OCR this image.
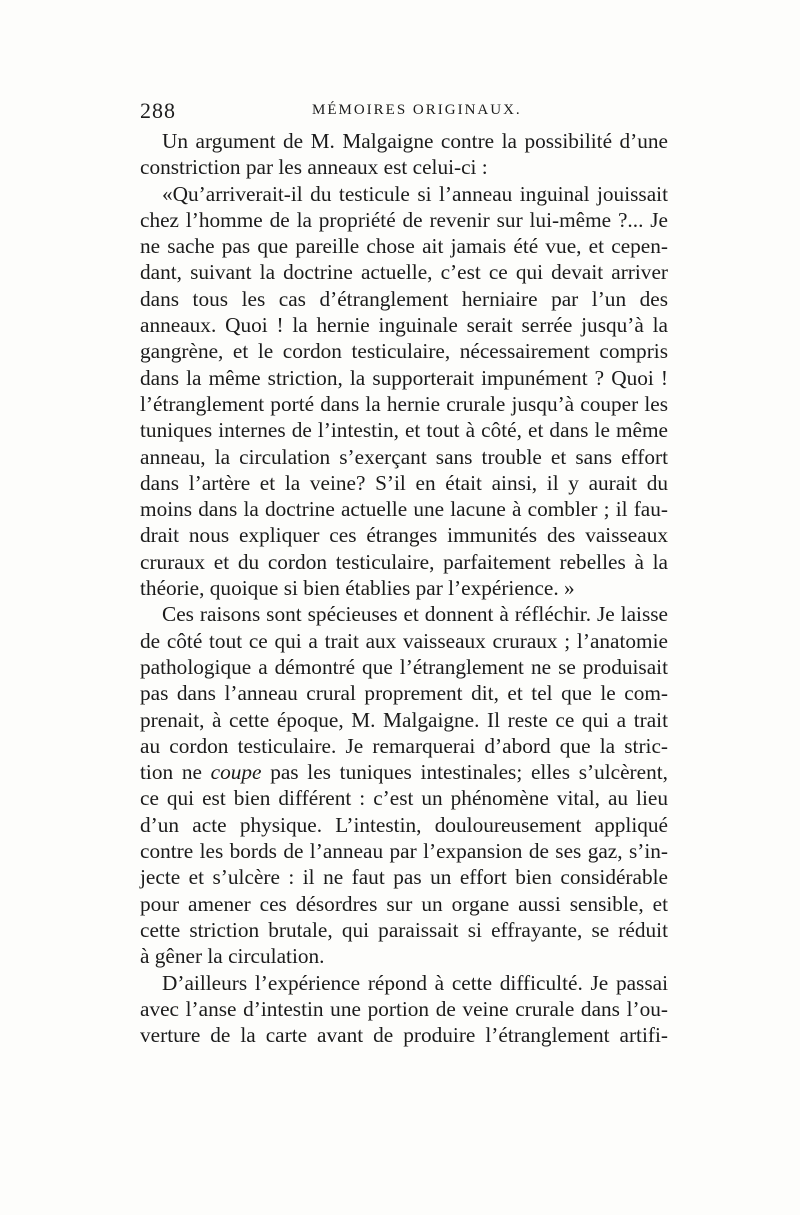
288	MÉMOIRES ORIGINAUX.
Un argument de M. Malgaigne contre la possibilité d’une
constriction par les anneaux est celui-ci :
«Qu’arriverait-il du testicule si l’anneau inguinal jouissait
chez l’homme de la propriété de revenir sur lui-même ?... Je
ne sache pas que pareille chose ait jamais été vue, et cepen-
dant, suivant la doctrine actuelle, c’est ce qui devait arriver
dans tous les cas d’étranglement herniaire par l’un des
anneaux. Quoi ! la hernie inguinale serait serrée jusqu’à la
gangrène, et le cordon testiculaire, nécessairement compris
dans la même striction, la supporterait impunément ? Quoi !
l’étranglement porté dans la hernie crurale jusqu’à couper les
tuniques internes de l’intestin, et tout à côté, et dans le même
anneau, la circulation s’exerçant sans trouble et sans effort
dans l’artère et la veine? S’il en était ainsi, il y aurait du
moins dans la doctrine actuelle une lacune à combler ; il fau-
drait nous expliquer ces étranges immunités des vaisseaux
cruraux et du cordon testiculaire, parfaitement rebelles à la
théorie, quoique si bien établies par l’expérience. »
Ces raisons sont spécieuses et donnent à réfléchir. Je laisse
de côté tout ce qui a trait aux vaisseaux cruraux ; l’anatomie
pathologique a démontré que l’étranglement ne se produisait
pas dans l’anneau crural proprement dit, et tel que le com-
prenait, à cette époque, M. Malgaigne. Il reste ce qui a trait
au cordon testiculaire. Je remarquerai d’abord que la stric-
tion ne coupe pas les tuniques intestinales; elles s’ulcèrent,
ce qui est bien différent : c’est un phénomène vital, au lieu
d’un acte physique. L’intestin, douloureusement appliqué
contre les bords de l’anneau par l’expansion de ses gaz, s’in-
jecte et s’ulcère : il ne faut pas un effort bien considérable
pour amener ces désordres sur un organe aussi sensible, et
cette striction brutale, qui paraissait si effrayante, se réduit
à gêner la circulation.
D’ailleurs l’expérience répond à cette difficulté. Je passai
avec l’anse d’intestin une portion de veine crurale dans l’ou-
verture de la carte avant de produire l’étranglement artifi-
